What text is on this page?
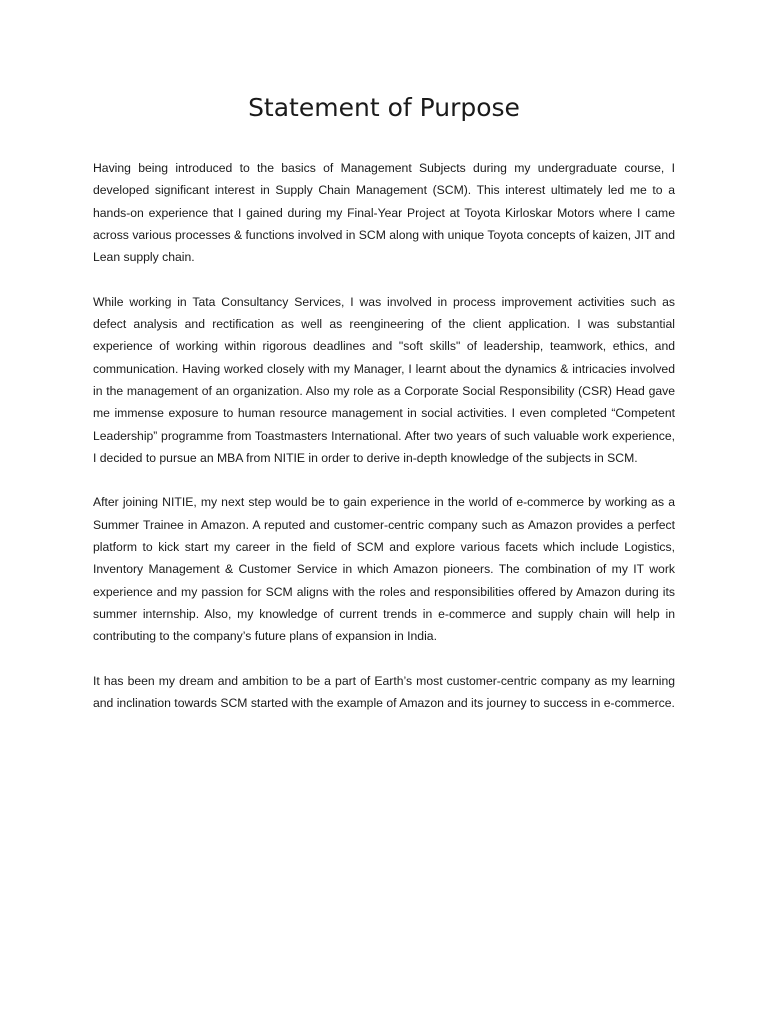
Statement of Purpose

Having being introduced to the basics of Management Subjects during my undergraduate course, I developed significant interest in Supply Chain Management (SCM). This interest ultimately led me to a hands-on experience that I gained during my Final-Year Project at Toyota Kirloskar Motors where I came across various processes & functions involved in SCM along with unique Toyota concepts of kaizen, JIT and Lean supply chain.

While working in Tata Consultancy Services, I was involved in process improvement activities such as defect analysis and rectification as well as reengineering of the client application. I was substantial experience of working within rigorous deadlines and "soft skills" of leadership, teamwork, ethics, and communication. Having worked closely with my Manager, I learnt about the dynamics & intricacies involved in the management of an organization. Also my role as a Corporate Social Responsibility (CSR) Head gave me immense exposure to human resource management in social activities. I even completed “Competent Leadership” programme from Toastmasters International. After two years of such valuable work experience, I decided to pursue an MBA from NITIE in order to derive in-depth knowledge of the subjects in SCM.

After joining NITIE, my next step would be to gain experience in the world of e-commerce by working as a Summer Trainee in Amazon. A reputed and customer-centric company such as Amazon provides a perfect platform to kick start my career in the field of SCM and explore various facets which include Logistics, Inventory Management & Customer Service in which Amazon pioneers. The combination of my IT work experience and my passion for SCM aligns with the roles and responsibilities offered by Amazon during its summer internship. Also, my knowledge of current trends in e-commerce and supply chain will help in contributing to the company’s future plans of expansion in India.

It has been my dream and ambition to be a part of Earth’s most customer-centric company as my learning and inclination towards SCM started with the example of Amazon and its journey to success in e-commerce.
